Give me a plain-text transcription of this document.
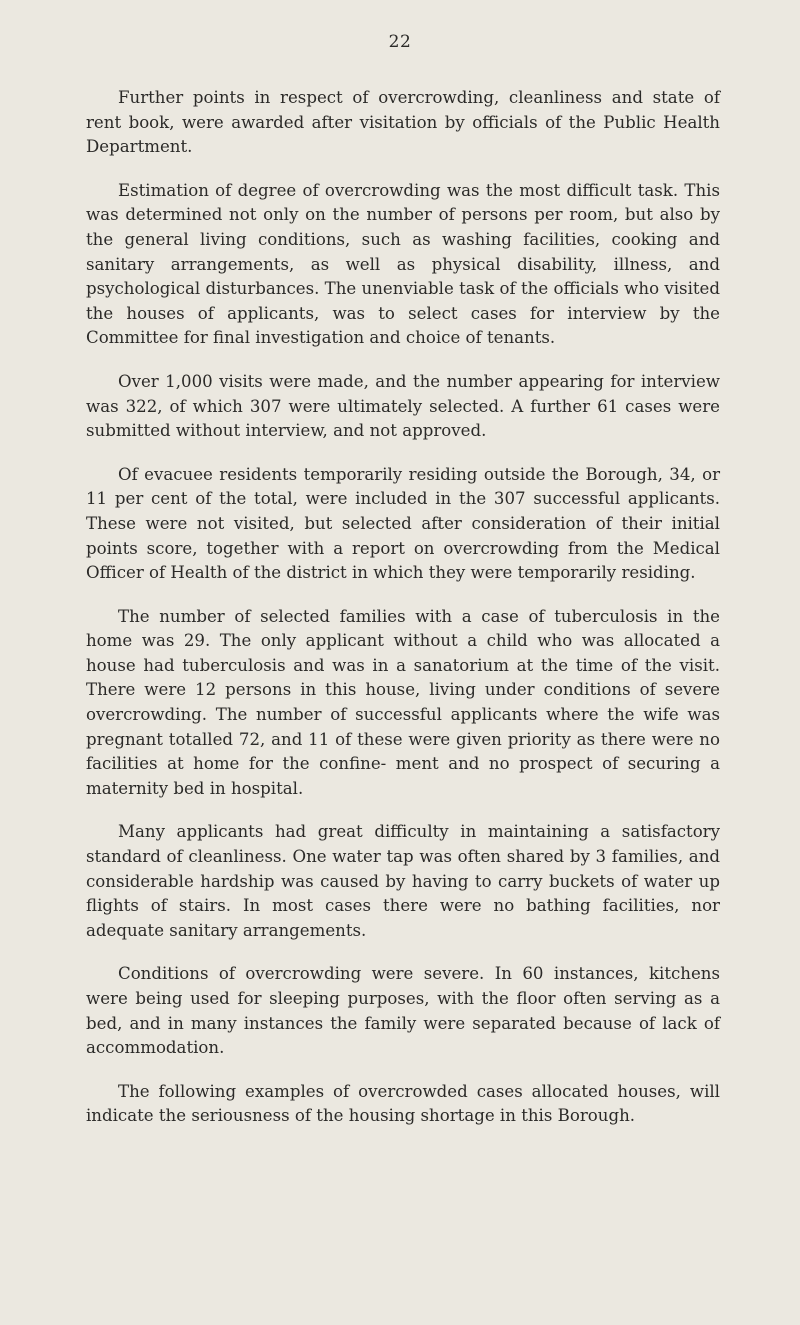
22

Further points in respect of overcrowding, cleanliness and state of rent book, were awarded after visitation by officials of the Public Health Department.

Estimation of degree of overcrowding was the most difficult task. This was determined not only on the number of persons per room, but also by the general living conditions, such as washing facilities, cooking and sanitary arrangements, as well as physical disability, illness, and psychological disturbances. The unenviable task of the officials who visited the houses of applicants, was to select cases for interview by the Committee for final investigation and choice of tenants.

Over 1,000 visits were made, and the number appearing for interview was 322, of which 307 were ultimately selected. A further 61 cases were submitted without interview, and not approved.

Of evacuee residents temporarily residing outside the Borough, 34, or 11 per cent of the total, were included in the 307 successful applicants. These were not visited, but selected after consideration of their initial points score, together with a report on overcrowding from the Medical Officer of Health of the district in which they were temporarily residing.

The number of selected families with a case of tuberculosis in the home was 29. The only applicant without a child who was allocated a house had tuberculosis and was in a sanatorium at the time of the visit. There were 12 persons in this house, living under conditions of severe overcrowding. The number of successful applicants where the wife was pregnant totalled 72, and 11 of these were given priority as there were no facilities at home for the confine- ment and no prospect of securing a maternity bed in hospital.

Many applicants had great difficulty in maintaining a satisfactory standard of cleanliness. One water tap was often shared by 3 families, and considerable hardship was caused by having to carry buckets of water up flights of stairs. In most cases there were no bathing facilities, nor adequate sanitary arrangements.

Conditions of overcrowding were severe. In 60 instances, kitchens were being used for sleeping purposes, with the floor often serving as a bed, and in many instances the family were separated because of lack of accommodation.

The following examples of overcrowded cases allocated houses, will indicate the seriousness of the housing shortage in this Borough.
